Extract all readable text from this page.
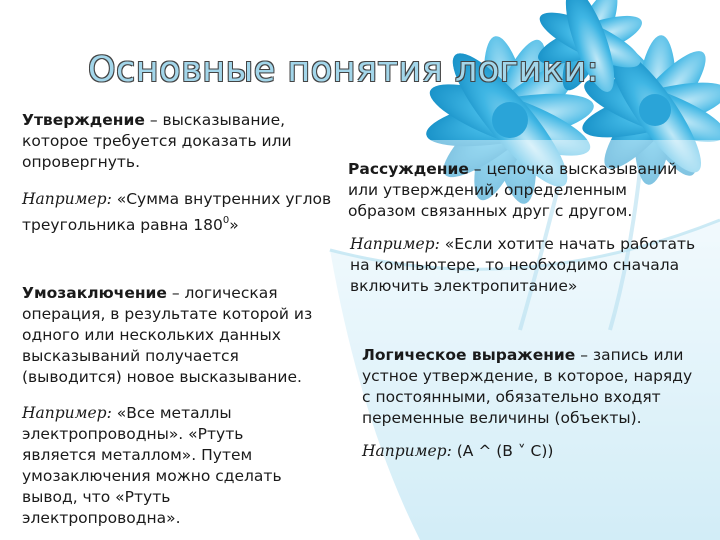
Основные понятия логики:

Утверждение – высказывание, которое требуется доказать или опровергнуть.

Например: «Сумма внутренних углов треугольника равна $180^0$»

Умозаключение – логическая операция, в результате которой из одного или нескольких данных высказываний получается (выводится) новое высказывание.

Например: «Все металлы электропроводны». «Ртуть является металлом». Путем умозаключения можно сделать вывод, что «Ртуть электропроводна».

Рассуждение – цепочка высказываний или утверждений, определенным образом связанных друг с другом.

Например: «Если хотите начать работать на компьютере, то необходимо сначала включить электропитание»

Логическое выражение – запись или устное утверждение, в которое, наряду с постоянными, обязательно входят переменные величины (объекты).

Например: (A ^ (B ˅ C))
